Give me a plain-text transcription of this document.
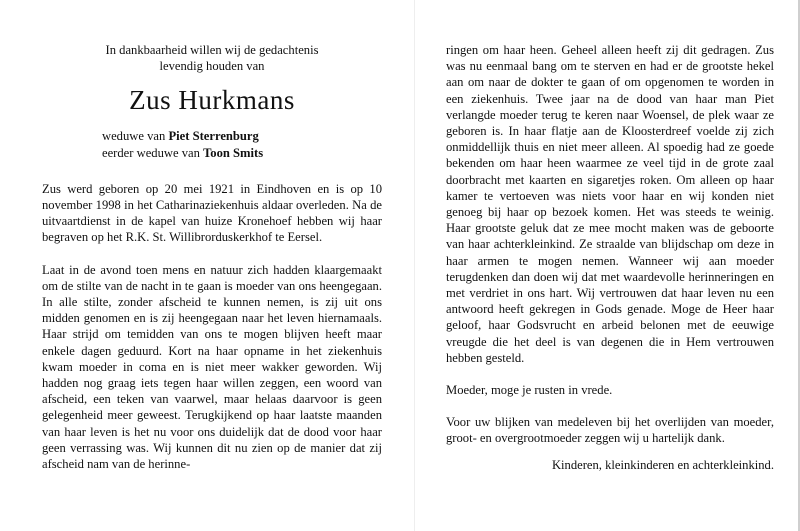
In dankbaarheid willen wij de gedachtenis

levendig houden van

Zus Hurkmans
weduwe van Piet Sterrenburg
eerder weduwe van Toon Smits

Zus werd geboren op 20 mei 1921 in Eindhoven en is op 10 november 1998 in het Catharinaziekenhuis aldaar overleden. Na de uitvaartdienst in de kapel van huize Kronehoef hebben wij haar begraven op het R.K. St. Willibrorduskerkhof te Eersel.

Laat in de avond toen mens en natuur zich hadden klaargemaakt om de stilte van de nacht in te gaan is moeder van ons heengegaan. In alle stilte, zonder afscheid te kunnen nemen, is zij uit ons midden genomen en is zij heengegaan naar het leven hiernamaals. Haar strijd om temidden van ons te mogen blijven heeft maar enkele dagen geduurd. Kort na haar opname in het ziekenhuis kwam moeder in coma en is niet meer wakker geworden. Wij hadden nog graag iets tegen haar willen zeggen, een woord van afscheid, een teken van vaarwel, maar helaas daarvoor is geen gelegenheid meer geweest. Terugkijkend op haar laatste maanden van haar leven is het nu voor ons duidelijk dat de dood voor haar geen verrassing was. Wij kunnen dit nu zien op de manier dat zij afscheid nam van de herinne-

ringen om haar heen. Geheel alleen heeft zij dit gedragen. Zus was nu eenmaal bang om te sterven en had er de grootste hekel aan om naar de dokter te gaan of om opgenomen te worden in een ziekenhuis. Twee jaar na de dood van haar man Piet verlangde moeder terug te keren naar Woensel, de plek waar ze geboren is. In haar flatje aan de Kloosterdreef voelde zij zich onmiddellijk thuis en niet meer alleen. Al spoedig had ze goede bekenden om haar heen waarmee ze veel tijd in de grote zaal doorbracht met kaarten en sigaretjes roken. Om alleen op haar kamer te vertoeven was niets voor haar en wij konden niet genoeg bij haar op bezoek komen. Het was steeds te weinig. Haar grootste geluk dat ze mee mocht maken was de geboorte van haar achterkleinkind. Ze straalde van blijdschap om deze in haar armen te mogen nemen. Wanneer wij aan moeder terugdenken dan doen wij dat met waardevolle herinneringen en met verdriet in ons hart. Wij vertrouwen dat haar leven nu een antwoord heeft gekregen in Gods genade. Moge de Heer haar geloof, haar Godsvrucht en arbeid belonen met de eeuwige vreugde die het deel is van degenen die in Hem vertrouwen hebben gesteld.

Moeder, moge je rusten in vrede.

Voor uw blijken van medeleven bij het overlijden van moeder, groot- en overgrootmoeder zeggen wij u hartelijk dank.

Kinderen, kleinkinderen en achterkleinkind.
